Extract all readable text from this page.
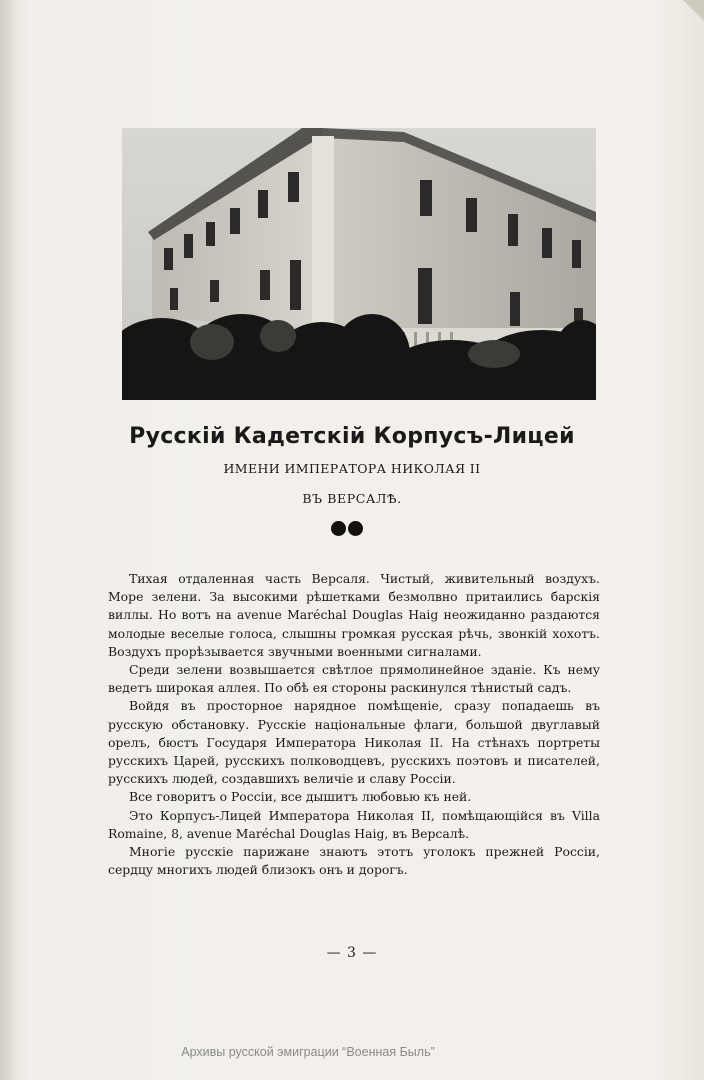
Русскій Кадетскій Корпусъ-Лицей

ИМЕНИ ИМПЕРАТОРА НИКОЛАЯ II

ВЪ ВЕРСАЛѢ.

Тихая отдаленная часть Версаля. Чистый, живительный воздухъ. Море зелени. За высокими рѣшетками безмолвно притаились барскія виллы. Но вотъ на avenue Maréchal Douglas Haig неожиданно раздаются молодые веселые голоса, слышны громкая русская рѣчь, звонкій хохотъ. Воздухъ прорѣзывается звучными военными сигналами.

Среди зелени возвышается свѣтлое прямолинейное зданіе. Къ нему ведетъ широкая аллея. По обѣ ея стороны раскинулся тѣнистый садъ.

Войдя въ просторное нарядное помѣщеніе, сразу попадаешь въ русскую обстановку. Русскіе національные флаги, большой двуглавый орелъ, бюстъ Государя Императора Николая II. На стѣнахъ портреты русскихъ Царей, русскихъ полководцевъ, русскихъ поэтовъ и писателей, русскихъ людей, создавшихъ величіе и славу Россіи.

Все говоритъ о Россіи, все дышитъ любовью къ ней.

Это Корпусъ-Лицей Императора Николая II, помѣщающійся въ Villa Romaine, 8, avenue Maréchal Douglas Haig, въ Версалѣ.

Многіе русскіе парижане знаютъ этотъ уголокъ прежней Россіи, сердцу многихъ людей близокъ онъ и дорогъ.

— 3 —

Архивы русской эмиграции “Военная Быль”
